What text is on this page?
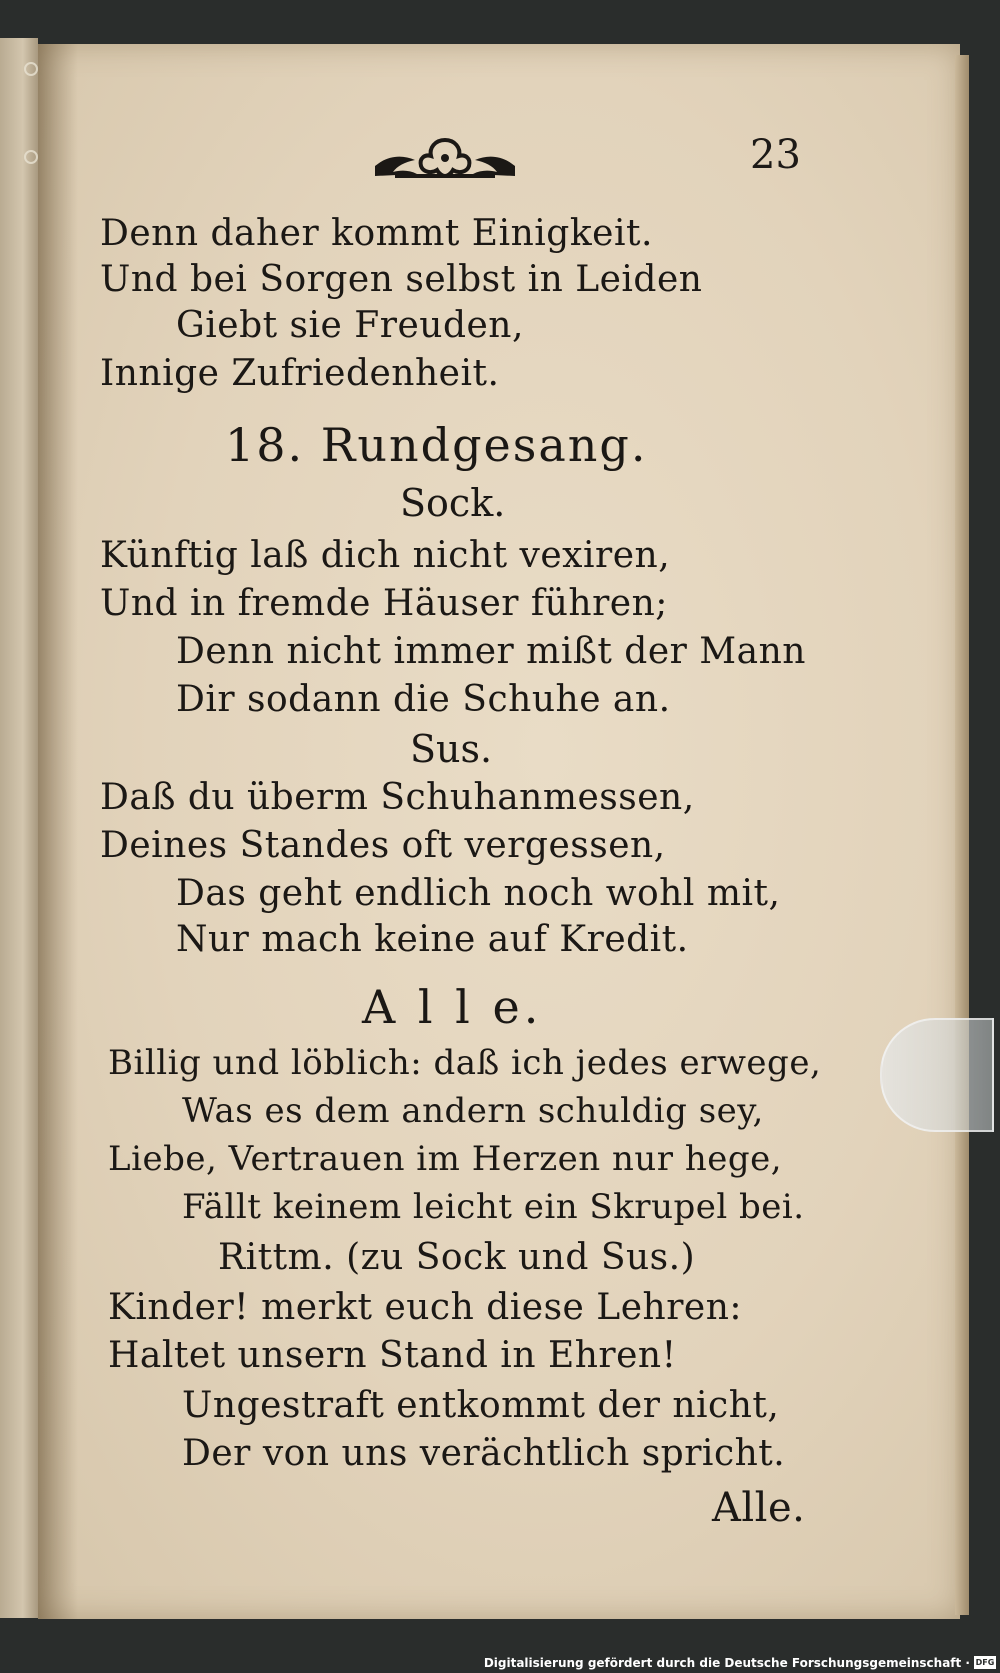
23
Denn daher kommt Einigkeit.
Und bei Sorgen selbst in Leiden
Giebt sie Freuden,
Innige Zufriedenheit.
18. Rundgesang.
Sock.
Künftig laß dich nicht vexiren,
Und in fremde Häuser führen;
Denn nicht immer mißt der Mann
Dir sodann die Schuhe an.
Sus.
Daß du überm Schuhanmessen,
Deines Standes oft vergessen,
Das geht endlich noch wohl mit,
Nur mach keine auf Kredit.
A l l e.
Billig und löblich: daß ich jedes erwege,
Was es dem andern schuldig sey,
Liebe, Vertrauen im Herzen nur hege,
Fällt keinem leicht ein Skrupel bei.
Rittm. (zu Sock und Sus.)
Kinder! merkt euch diese Lehren:
Haltet unsern Stand in Ehren!
Ungestraft entkommt der nicht,
Der von uns verächtlich spricht.
Alle.
Digitalisierung gefördert durch die Deutsche Forschungsgemeinschaft · DFG
